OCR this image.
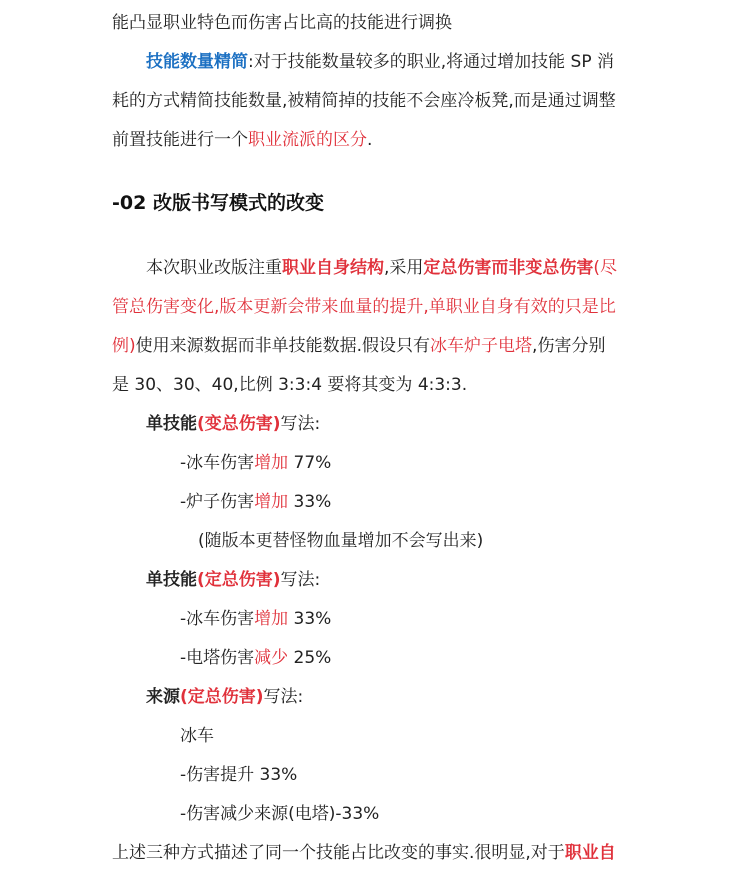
能凸显职业特色而伤害占比高的技能进行调换
技能数量精简:对于技能数量较多的职业,将通过增加技能 SP 消
耗的方式精简技能数量,被精简掉的技能不会座冷板凳,而是通过调整
前置技能进行一个职业流派的区分.
-02 改版书写模式的改变
本次职业改版注重职业自身结构,采用定总伤害而非变总伤害(尽
管总伤害变化,版本更新会带来血量的提升,单职业自身有效的只是比
例)使用来源数据而非单技能数据.假设只有冰车炉子电塔,伤害分别
是 30、30、40,比例 3:3:4 要将其变为 4:3:3.
单技能(变总伤害)写法:
-冰车伤害增加 77%
-炉子伤害增加 33%
(随版本更替怪物血量增加不会写出来)
单技能(定总伤害)写法:
-冰车伤害增加 33%
-电塔伤害减少 25%
来源(定总伤害)写法:
冰车
-伤害提升 33%
-伤害减少来源(电塔)-33%
上述三种方式描述了同一个技能占比改变的事实.很明显,对于职业自
